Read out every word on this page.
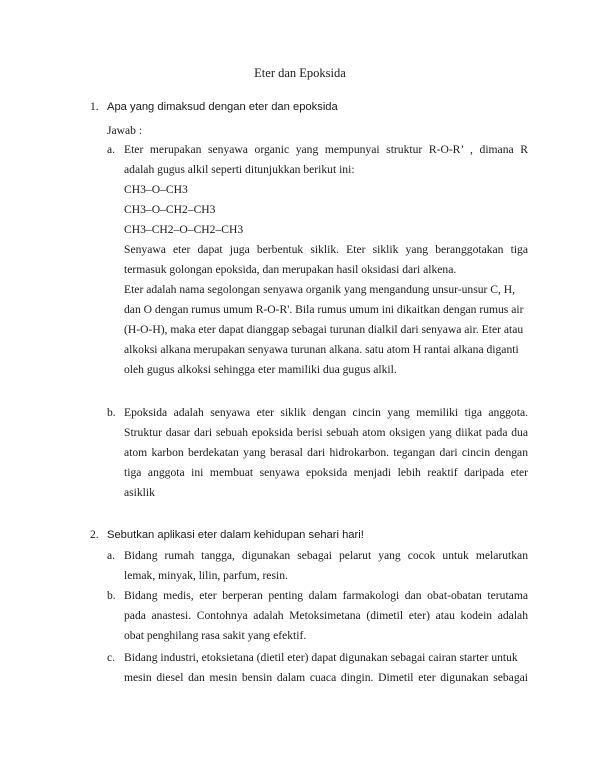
Eter dan Epoksida
1. Apa yang dimaksud dengan eter dan epoksida
Jawab :
a. Eter merupakan senyawa organic yang mempunyai struktur R-O-R’ , dimana R
adalah gugus alkil seperti ditunjukkan berikut ini:
CH3–O–CH3
CH3–O–CH2–CH3
CH3–CH2–O–CH2–CH3
Senyawa eter dapat juga berbentuk siklik. Eter siklik yang beranggotakan tiga
termasuk golongan epoksida, dan merupakan hasil oksidasi dari alkena.
Eter adalah nama segolongan senyawa organik yang mengandung unsur-unsur C, H,
dan O dengan rumus umum R-O-R'. Bila rumus umum ini dikaitkan dengan rumus air
(H-O-H), maka eter dapat dianggap sebagai turunan dialkil dari senyawa air. Eter atau
alkoksi alkana merupakan senyawa turunan alkana. satu atom H rantai alkana diganti
oleh gugus alkoksi sehingga eter mamiliki dua gugus alkil.
b. Epoksida adalah senyawa eter siklik dengan cincin yang memiliki tiga anggota.
Struktur dasar dari sebuah epoksida berisi sebuah atom oksigen yang diikat pada dua
atom karbon berdekatan yang berasal dari hidrokarbon. tegangan dari cincin dengan
tiga anggota ini membuat senyawa epoksida menjadi lebih reaktif daripada eter
asiklik
2. Sebutkan aplikasi eter dalam kehidupan sehari hari!
a. Bidang rumah tangga, digunakan sebagai pelarut yang cocok untuk melarutkan
lemak, minyak, lilin, parfum, resin.
b. Bidang medis, eter berperan penting dalam farmakologi dan obat-obatan terutama
pada anastesi. Contohnya adalah Metoksimetana (dimetil eter) atau kodein adalah
obat penghilang rasa sakit yang efektif.
c. Bidang industri, etoksietana (dietil eter) dapat digunakan sebagai cairan starter untuk
mesin diesel dan mesin bensin dalam cuaca dingin. Dimetil eter digunakan sebagai
